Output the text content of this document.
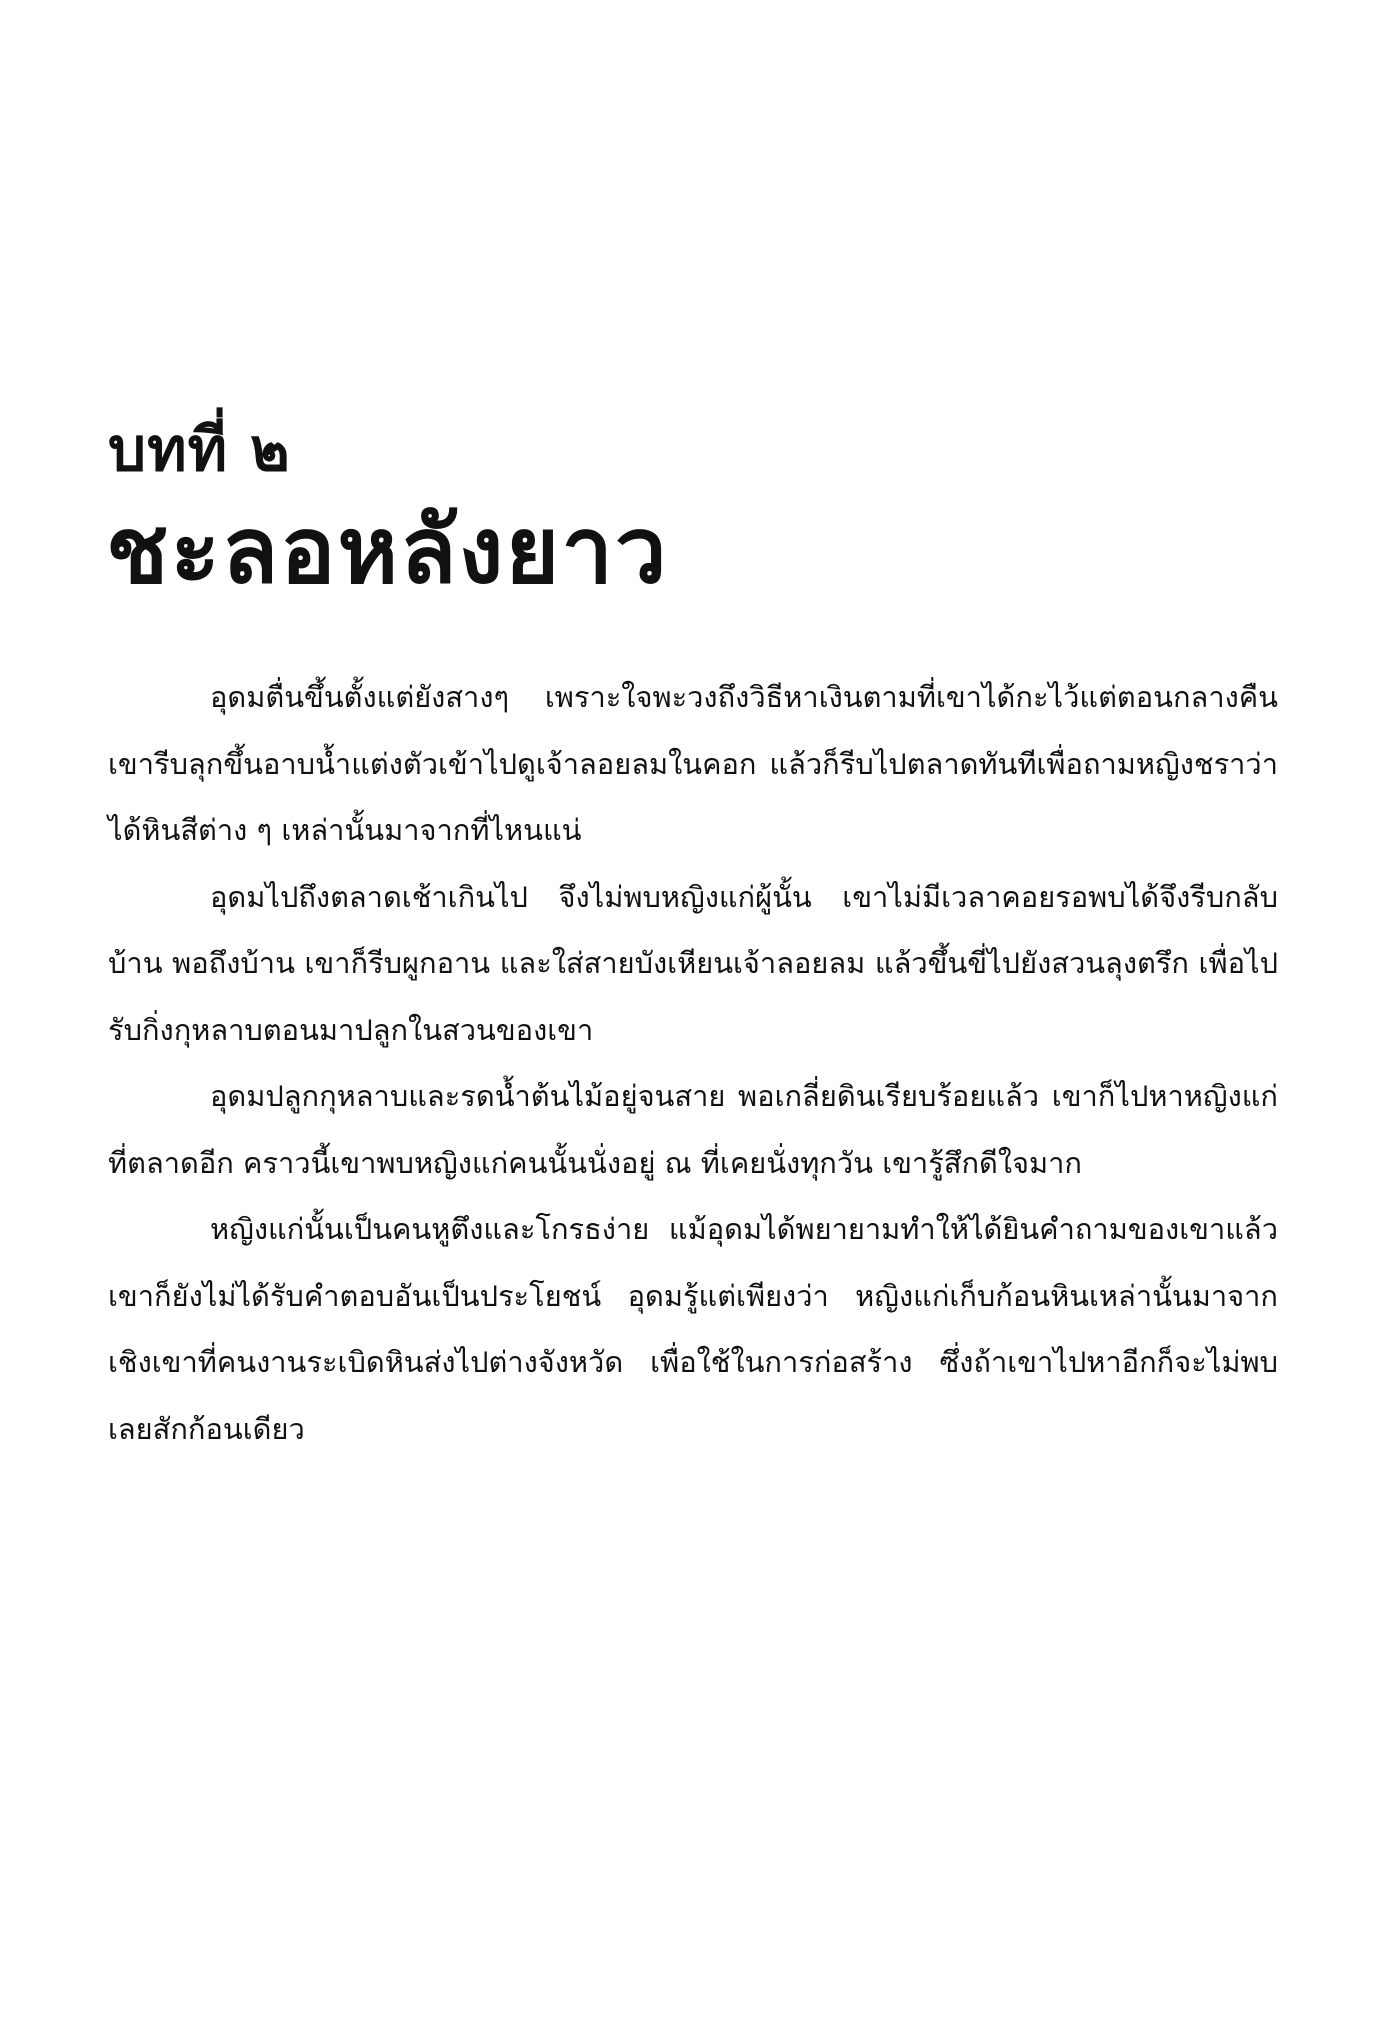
บทที่ ๒
ชะลอหลังยาว

อุดมตื่นขึ้นตั้งแต่ยังสางๆ เพราะใจพะวงถึงวิธีหาเงินตามที่เขาได้กะไว้แต่ตอนกลางคืน เขารีบลุกขึ้นอาบน้ำแต่งตัวเข้าไปดูเจ้าลอยลมในคอก แล้วก็รีบไปตลาดทันทีเพื่อถามหญิงชราว่าได้หินสีต่าง ๆ เหล่านั้นมาจากที่ไหนแน่

อุดมไปถึงตลาดเช้าเกินไป จึงไม่พบหญิงแก่ผู้นั้น เขาไม่มีเวลาคอยรอพบได้จึงรีบกลับบ้าน พอถึงบ้าน เขาก็รีบผูกอาน และใส่สายบังเหียนเจ้าลอยลม แล้วขึ้นขี่ไปยังสวนลุงตรึก เพื่อไปรับกิ่งกุหลาบตอนมาปลูกในสวนของเขา

อุดมปลูกกุหลาบและรดน้ำต้นไม้อยู่จนสาย พอเกลี่ยดินเรียบร้อยแล้ว เขาก็ไปหาหญิงแก่ที่ตลาดอีก คราวนี้เขาพบหญิงแก่คนนั้นนั่งอยู่ ณ ที่เคยนั่งทุกวัน เขารู้สึกดีใจมาก

หญิงแก่นั้นเป็นคนหูตึงและโกรธง่าย แม้อุดมได้พยายามทำให้ได้ยินคำถามของเขาแล้ว เขาก็ยังไม่ได้รับคำตอบอันเป็นประโยชน์ อุดมรู้แต่เพียงว่า หญิงแก่เก็บก้อนหินเหล่านั้นมาจากเชิงเขาที่คนงานระเบิดหินส่งไปต่างจังหวัด เพื่อใช้ในการก่อสร้าง ซึ่งถ้าเขาไปหาอีกก็จะไม่พบเลยสักก้อนเดียว
